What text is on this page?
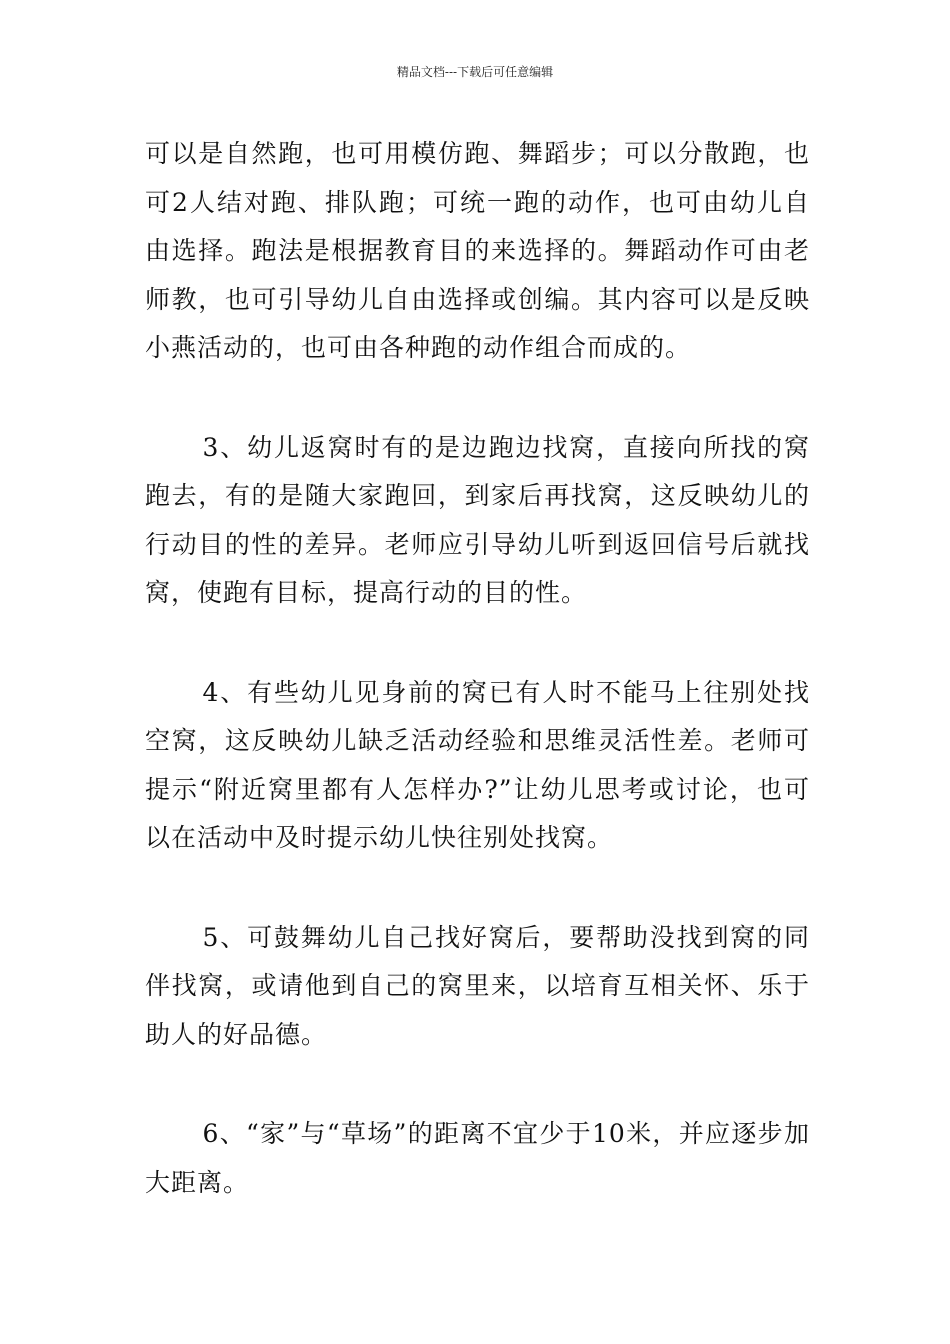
精品文档---下载后可任意编辑

可以是自然跑，也可用模仿跑、舞蹈步；可以分散跑，也可2人结对跑、排队跑；可统一跑的动作，也可由幼儿自由选择。跑法是根据教育目的来选择的。舞蹈动作可由老师教，也可引导幼儿自由选择或创编。其内容可以是反映小燕活动的，也可由各种跑的动作组合而成的。

3、幼儿返窝时有的是边跑边找窝，直接向所找的窝跑去，有的是随大家跑回，到家后再找窝，这反映幼儿的行动目的性的差异。老师应引导幼儿听到返回信号后就找窝，使跑有目标，提高行动的目的性。

4、有些幼儿见身前的窝已有人时不能马上往别处找空窝，这反映幼儿缺乏活动经验和思维灵活性差。老师可提示“附近窝里都有人怎样办?”让幼儿思考或讨论，也可以在活动中及时提示幼儿快往别处找窝。

5、可鼓舞幼儿自己找好窝后，要帮助没找到窝的同伴找窝，或请他到自己的窝里来，以培育互相关怀、乐于助人的好品德。

6、“家”与“草场”的距离不宜少于10米，并应逐步加大距离。
